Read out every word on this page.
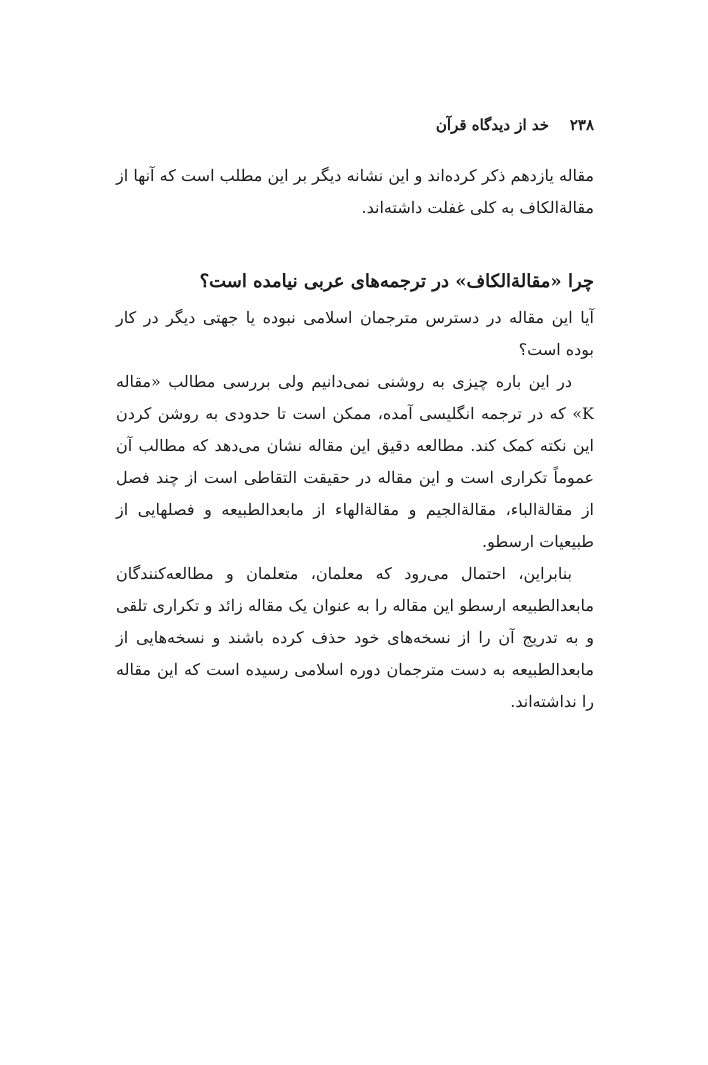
۲۳۸ خد از دیدگاه قرآن

مقاله یازدهم ذکر کرده‌اند و این نشانه دیگر بر این مطلب است که آنها از مقالةالکاف به کلی غفلت داشته‌اند.

چرا «مقالةالکاف» در ترجمه‌های عربی نیامده است؟

آیا این مقاله در دسترس مترجمان اسلامی نبوده یا جهتی دیگر در کار بوده است؟

در این باره چیزی به روشنی نمی‌دانیم ولی بررسی مطالب «مقاله K» که در ترجمه انگلیسی آمده، ممکن است تا حدودی به روشن کردن این نکته کمک کند. مطالعه دقیق این مقاله نشان می‌دهد که مطالب آن عموماً تکراری است و این مقاله در حقیقت التقاطی است از چند فصل از مقالةالباء، مقالةالجیم و مقالةالهاء از مابعدالطبیعه و فصلهایی از طبیعیات ارسطو.

بنابراین، احتمال می‌رود که معلمان، متعلمان و مطالعه‌کنندگان مابعدالطبیعه ارسطو این مقاله را به عنوان یک مقاله زائد و تکراری تلقی و به تدریج آن را از نسخه‌های خود حذف کرده باشند و نسخه‌هایی از مابعدالطبیعه به دست مترجمان دوره اسلامی رسیده است که این مقاله را نداشته‌اند.
